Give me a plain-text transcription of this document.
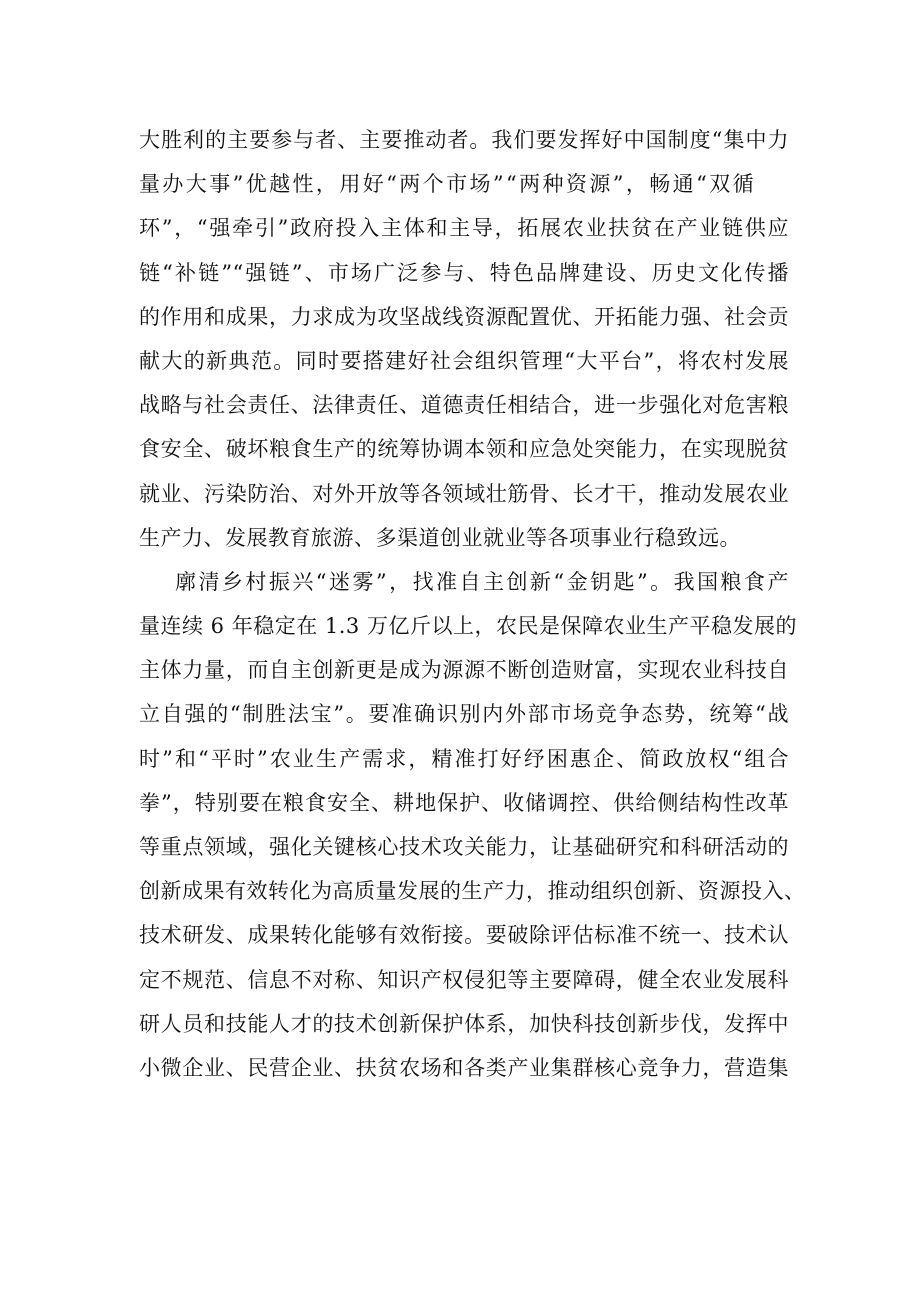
大胜利的主要参与者、主要推动者。我们要发挥好中国制度“集中力
量办大事”优越性，用好“两个市场”“两种资源”，畅通“双循
环”，“强牵引”政府投入主体和主导，拓展农业扶贫在产业链供应
链“补链”“强链”、市场广泛参与、特色品牌建设、历史文化传播
的作用和成果，力求成为攻坚战线资源配置优、开拓能力强、社会贡
献大的新典范。同时要搭建好社会组织管理“大平台”，将农村发展
战略与社会责任、法律责任、道德责任相结合，进一步强化对危害粮
食安全、破坏粮食生产的统筹协调本领和应急处突能力，在实现脱贫
就业、污染防治、对外开放等各领域壮筋骨、长才干，推动发展农业
生产力、发展教育旅游、多渠道创业就业等各项事业行稳致远。
廓清乡村振兴“迷雾”，找准自主创新“金钥匙”。我国粮食产
量连续 6 年稳定在 1.3 万亿斤以上，农民是保障农业生产平稳发展的
主体力量，而自主创新更是成为源源不断创造财富，实现农业科技自
立自强的“制胜法宝”。要准确识别内外部市场竞争态势，统筹“战
时”和“平时”农业生产需求，精准打好纾困惠企、简政放权“组合
拳”，特别要在粮食安全、耕地保护、收储调控、供给侧结构性改革
等重点领域，强化关键核心技术攻关能力，让基础研究和科研活动的
创新成果有效转化为高质量发展的生产力，推动组织创新、资源投入、
技术研发、成果转化能够有效衔接。要破除评估标准不统一、技术认
定不规范、信息不对称、知识产权侵犯等主要障碍，健全农业发展科
研人员和技能人才的技术创新保护体系，加快科技创新步伐，发挥中
小微企业、民营企业、扶贫农场和各类产业集群核心竞争力，营造集
